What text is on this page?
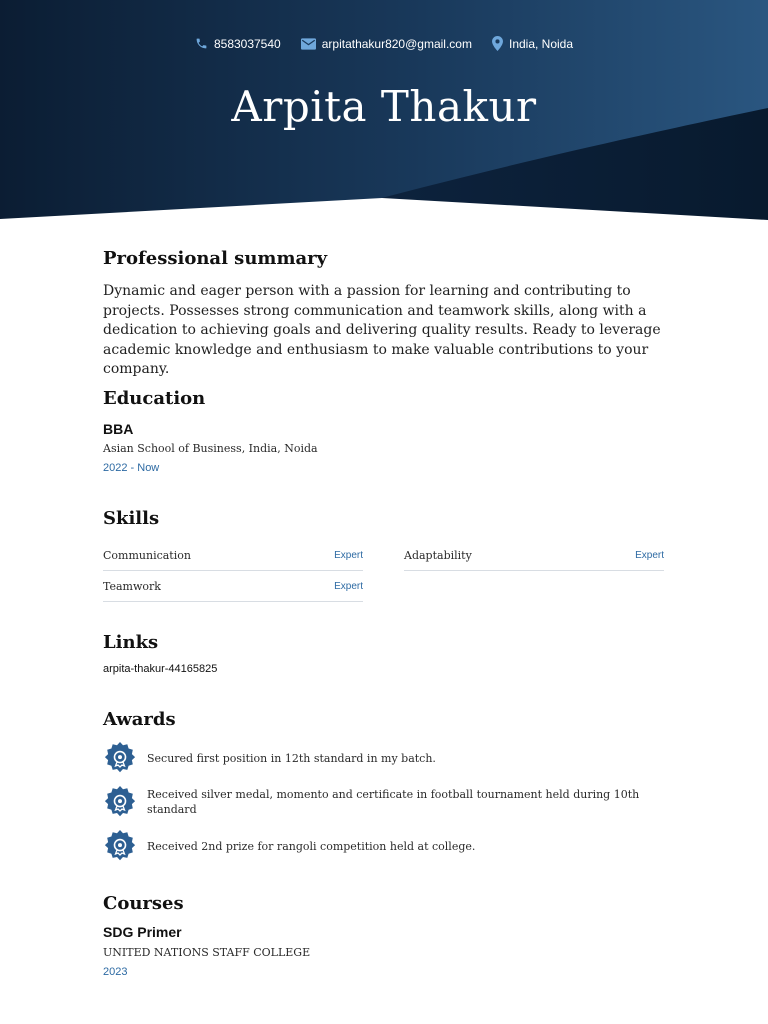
8583037540	arpitathakur820@gmail.com	India, Noida
Arpita Thakur
Professional summary
Dynamic and eager person with a passion for learning and contributing to projects. Possesses strong communication and teamwork skills, along with a dedication to achieving goals and delivering quality results. Ready to leverage academic knowledge and enthusiasm to make valuable contributions to your company.
Education
BBA
Asian School of Business, India, Noida
2022 - Now
Skills
Communication	Expert	Adaptability	Expert
Teamwork	Expert
Links
arpita-thakur-44165825
Awards
Secured first position in 12th standard in my batch.
Received silver medal, momento and certificate in football tournament held during 10th standard
Received 2nd prize for rangoli competition held at college.
Courses
SDG Primer
UNITED NATIONS STAFF COLLEGE
2023
